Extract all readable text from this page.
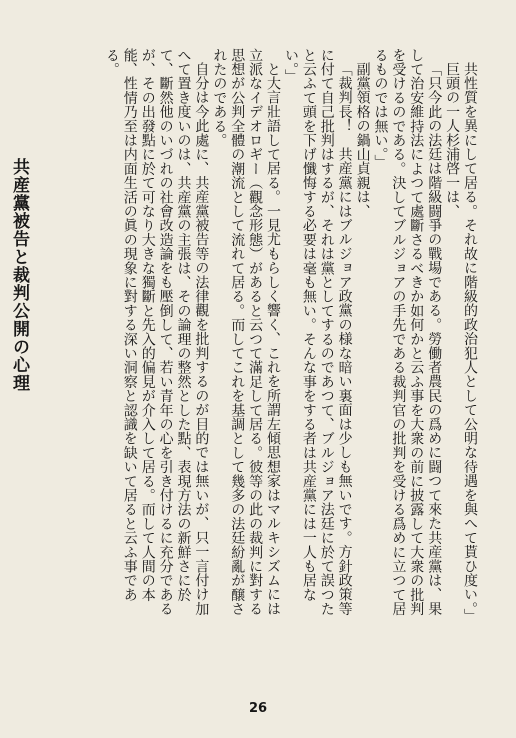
共性質を異にして居る。それ故に階級的政治犯人として公明な待遇を與へて貰ひ度い。」

巨頭の一人杉浦啓一は、

「只今此の法廷は階級闘爭の戰場である。勞働者農民の爲めに闘つて來た共産黨は、果して治安維持法によつて處斷さるべきか如何かと云ふ事を大衆の前に披露して大衆の批判を受けるのである。決してブルジョアの手先である裁判官の批判を受ける爲めに立つて居るものでは無い。」

副黨領格の鍋山貞親は、

「裁判長！　共産黨にはブルジョア政黨の様な暗い裏面は少しも無いです。方針政策等に付て自己批判はするが、それは黨としてするのであつて、ブルジョア法廷に於て誤つたと云ふて頭を下げ懺悔する必要は毫も無い。そんな事をする者は共産黨には一人も居ない。」

と大言壯語して居る。一見尤もらしく響く、これを所謂左傾思想家はマルキシズムには立派なイデオロギー（觀念形態）があると云つて滿足して居る。彼等の此の裁判に對する思想が公判全體の潮流として流れて居る。而してこれを基調として幾多の法廷紛亂が醸されたのである。

自分は今此處に、共産黨被告等の法律觀を批判するのが目的では無いが、只一言付け加へて置き度いのは、共産黨の主張は、その論理の整然とした點、表現方法の新鮮さに於て、斷然他のいづれの社會改造論をも壓倒して、若い青年の心を引き付けるに充分であるが、その出發點に於て可なり大きな獨斷と先入的偏見が介入して居る。而して人間の本能、性情乃至は内面生活の眞の現象に對する深い洞察と認識を缺いて居ると云ふ事である。

共産黨被告と裁判公開の心理
26
